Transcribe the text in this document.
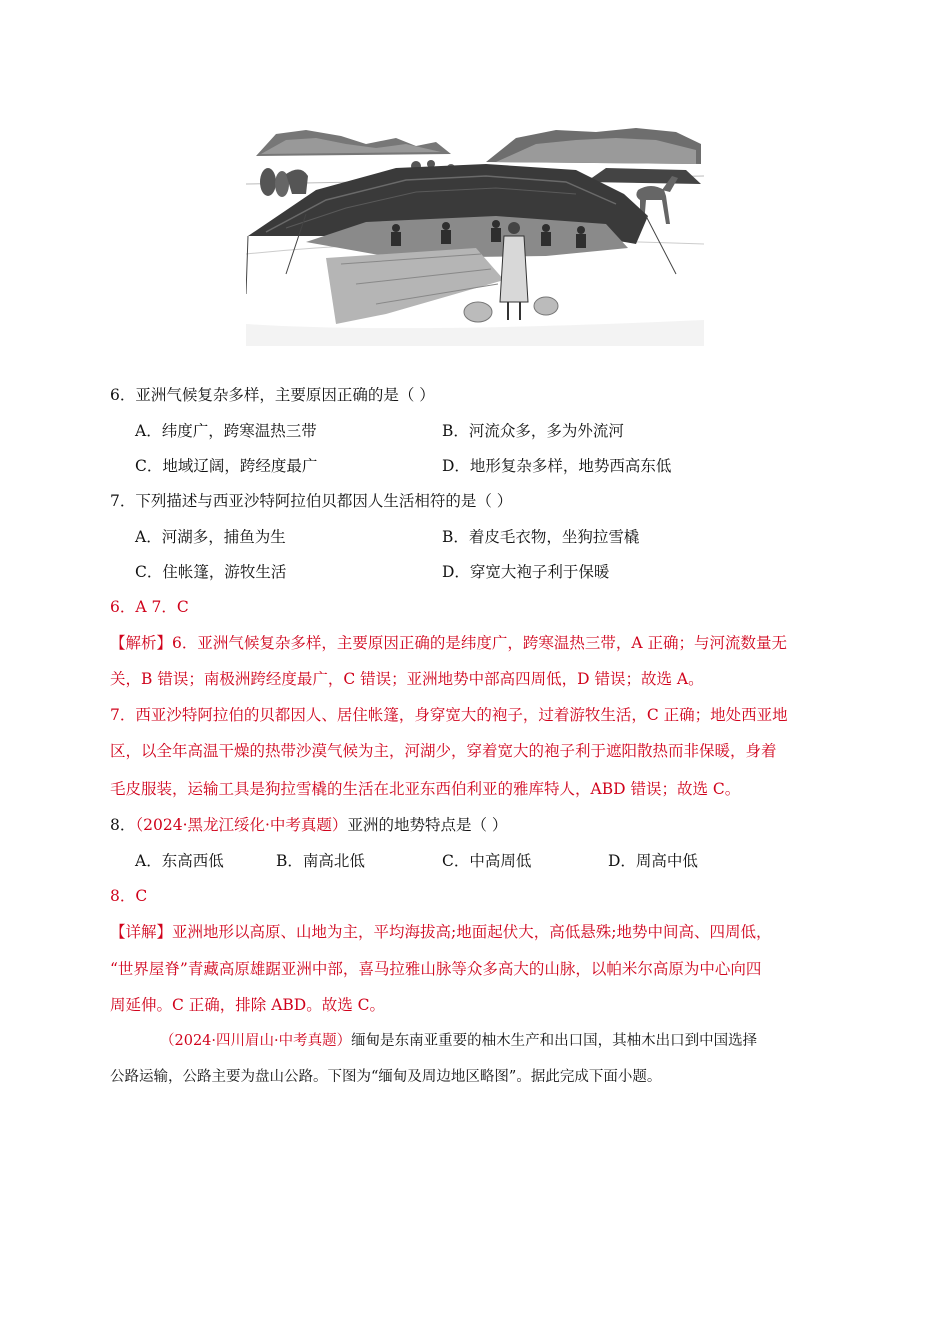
6．亚洲气候复杂多样，主要原因正确的是（ ）
A．纬度广，跨寒温热三带	B．河流众多，多为外流河
C．地域辽阔，跨经度最广	D．地形复杂多样，地势西高东低
7．下列描述与西亚沙特阿拉伯贝都因人生活相符的是（ ）
A．河湖多，捕鱼为生	B．着皮毛衣物，坐狗拉雪橇
C．住帐篷，游牧生活	D．穿宽大袍子利于保暖
6．A 7．C
【解析】6．亚洲气候复杂多样，主要原因正确的是纬度广，跨寒温热三带，A 正确；与河流数量无
关，B 错误；南极洲跨经度最广，C 错误；亚洲地势中部高四周低，D 错误；故选 A。
7．西亚沙特阿拉伯的贝都因人、居住帐篷，身穿宽大的袍子，过着游牧生活，C 正确；地处西亚地
区，以全年高温干燥的热带沙漠气候为主，河湖少，穿着宽大的袍子利于遮阳散热而非保暖，身着
毛皮服装，运输工具是狗拉雪橇的生活在北亚东西伯利亚的雅库特人，ABD 错误；故选 C。
8．（2024·黑龙江绥化·中考真题）亚洲的地势特点是（ ）
A．东高西低	B．南高北低	C．中高周低	D．周高中低
8．C
【详解】亚洲地形以高原、山地为主，平均海拔高;地面起伏大，高低悬殊;地势中间高、四周低，
“世界屋脊”青藏高原雄踞亚洲中部，喜马拉雅山脉等众多高大的山脉，以帕米尔高原为中心向四
周延伸。C 正确，排除 ABD。故选 C。
（2024·四川眉山·中考真题）缅甸是东南亚重要的柚木生产和出口国，其柚木出口到中国选择
公路运输，公路主要为盘山公路。下图为“缅甸及周边地区略图”。据此完成下面小题。
